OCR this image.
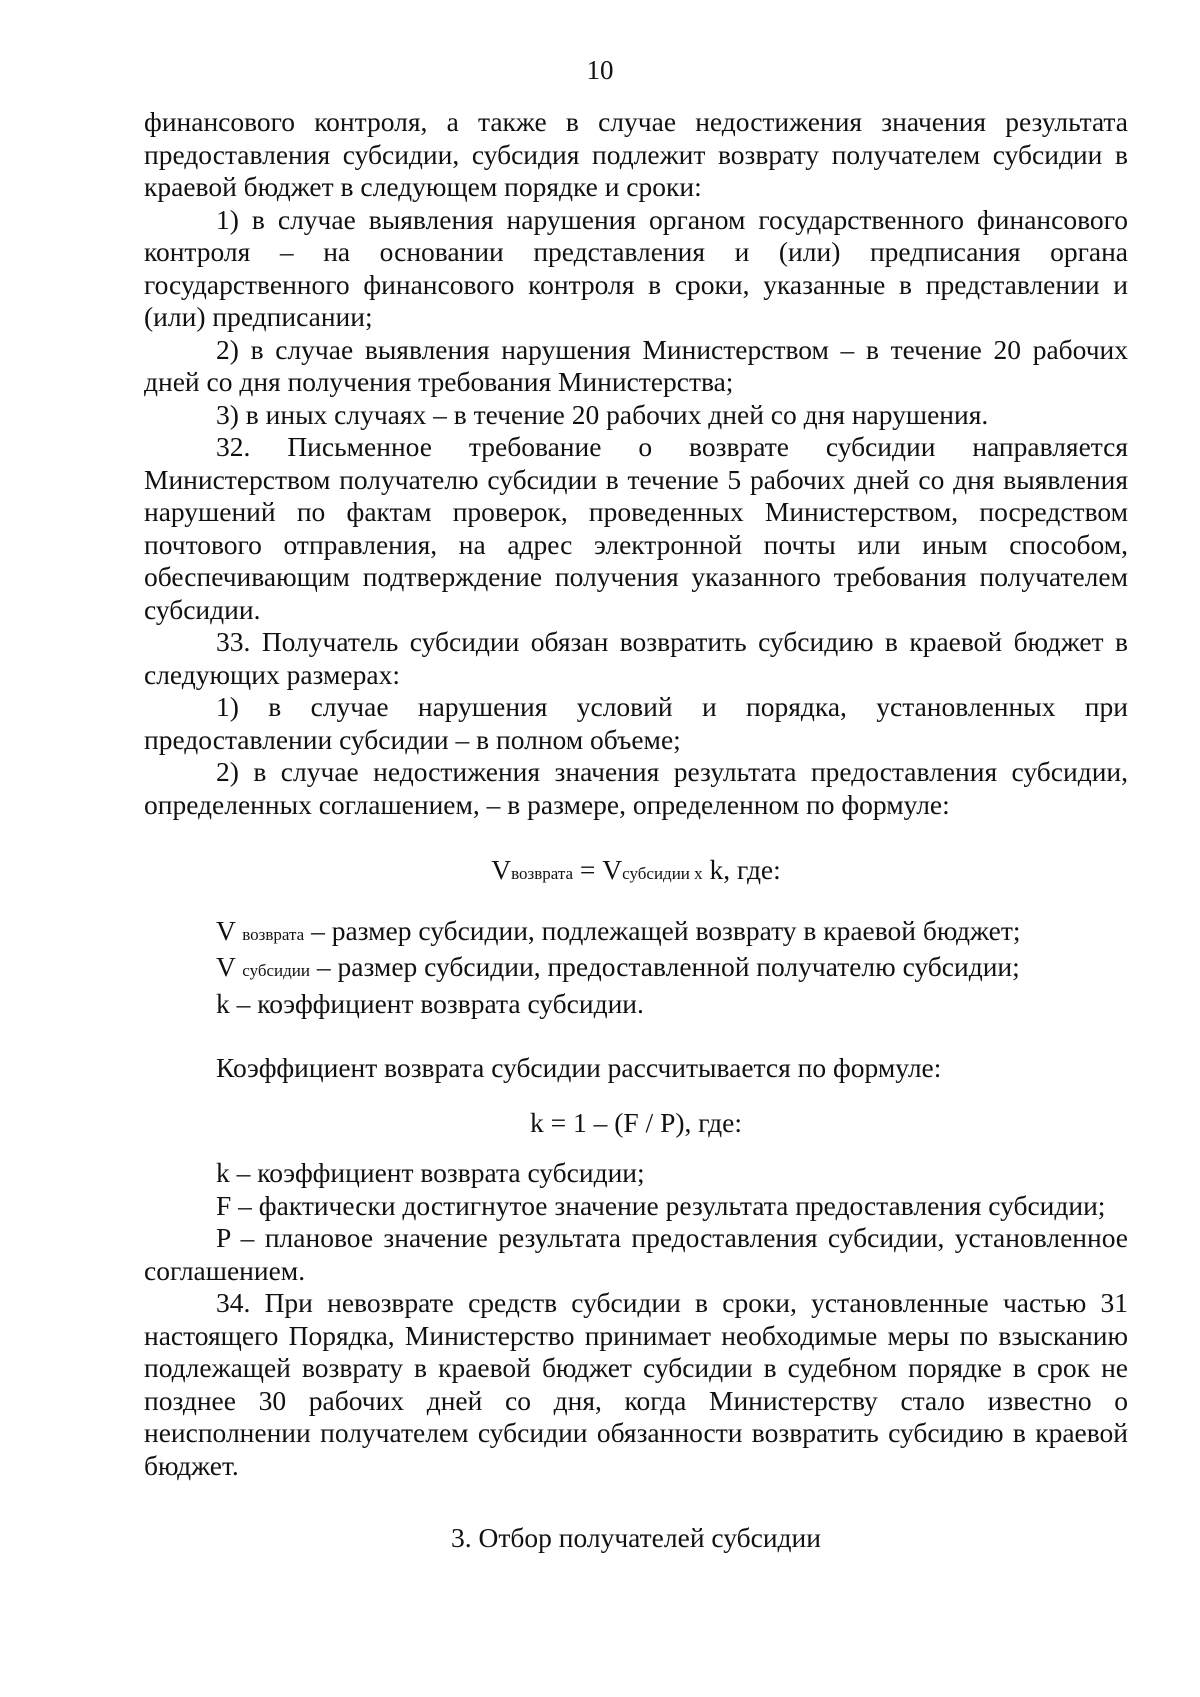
10

финансового контроля, а также в случае недостижения значения результата предоставления субсидии, субсидия подлежит возврату получателем субсидии в краевой бюджет в следующем порядке и сроки:

1) в случае выявления нарушения органом государственного финансового контроля – на основании представления и (или) предписания органа государственного финансового контроля в сроки, указанные в представлении и (или) предписании;

2) в случае выявления нарушения Министерством – в течение 20 рабочих дней со дня получения требования Министерства;

3) в иных случаях – в течение 20 рабочих дней со дня нарушения.

32. Письменное требование о возврате субсидии направляется Министерством получателю субсидии в течение 5 рабочих дней со дня выявления нарушений по фактам проверок, проведенных Министерством, посредством почтового отправления, на адрес электронной почты или иным способом, обеспечивающим подтверждение получения указанного требования получателем субсидии.

33. Получатель субсидии обязан возвратить субсидию в краевой бюджет в следующих размерах:

1) в случае нарушения условий и порядка, установленных при предоставлении субсидии – в полном объеме;

2) в случае недостижения значения результата предоставления субсидии, определенных соглашением, – в размере, определенном по формуле:

Vвозврата = Vсубсидии х k, где:

V возврата – размер субсидии, подлежащей возврату в краевой бюджет;

V субсидии – размер субсидии, предоставленной получателю субсидии;

k – коэффициент возврата субсидии.

Коэффициент возврата субсидии рассчитывается по формуле:

k = 1 – (F / P), где:

k – коэффициент возврата субсидии;

F – фактически достигнутое значение результата предоставления субсидии;

P – плановое значение результата предоставления субсидии, установленное соглашением.

34. При невозврате средств субсидии в сроки, установленные частью 31 настоящего Порядка, Министерство принимает необходимые меры по взысканию подлежащей возврату в краевой бюджет субсидии в судебном порядке в срок не позднее 30 рабочих дней со дня, когда Министерству стало известно о неисполнении получателем субсидии обязанности возвратить субсидию в краевой бюджет.

3. Отбор получателей субсидии
